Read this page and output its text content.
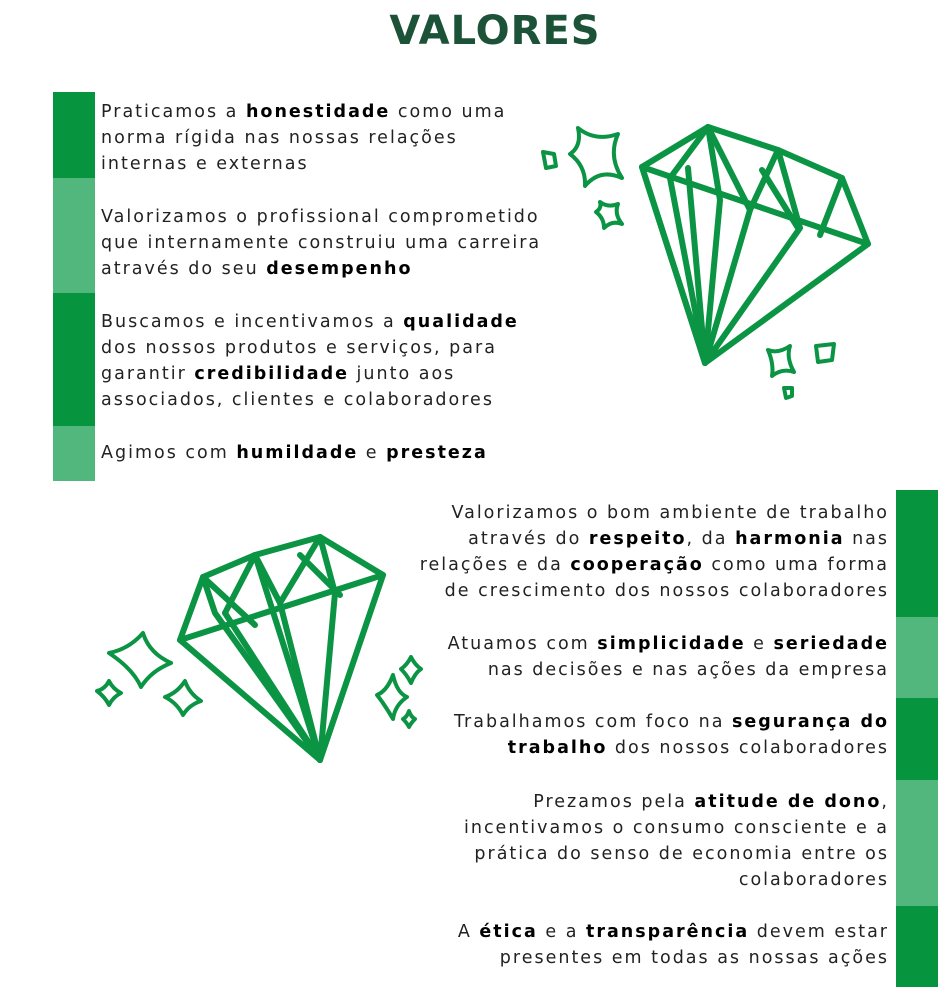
VALORES

Praticamos a honestidade como uma
norma rígida nas nossas relações
internas e externas

Valorizamos o profissional comprometido
que internamente construiu uma carreira
através do seu desempenho

Buscamos e incentivamos a qualidade
dos nossos produtos e serviços, para
garantir credibilidade junto aos
associados, clientes e colaboradores

Agimos com humildade e presteza

Valorizamos o bom ambiente de trabalho
através do respeito, da harmonia nas
relações e da cooperação como uma forma
de crescimento dos nossos colaboradores

Atuamos com simplicidade e seriedade
nas decisões e nas ações da empresa

Trabalhamos com foco na segurança do
trabalho dos nossos colaboradores

Prezamos pela atitude de dono,
incentivamos o consumo consciente e a
prática do senso de economia entre os
colaboradores

A ética e a transparência devem estar
presentes em todas as nossas ações
